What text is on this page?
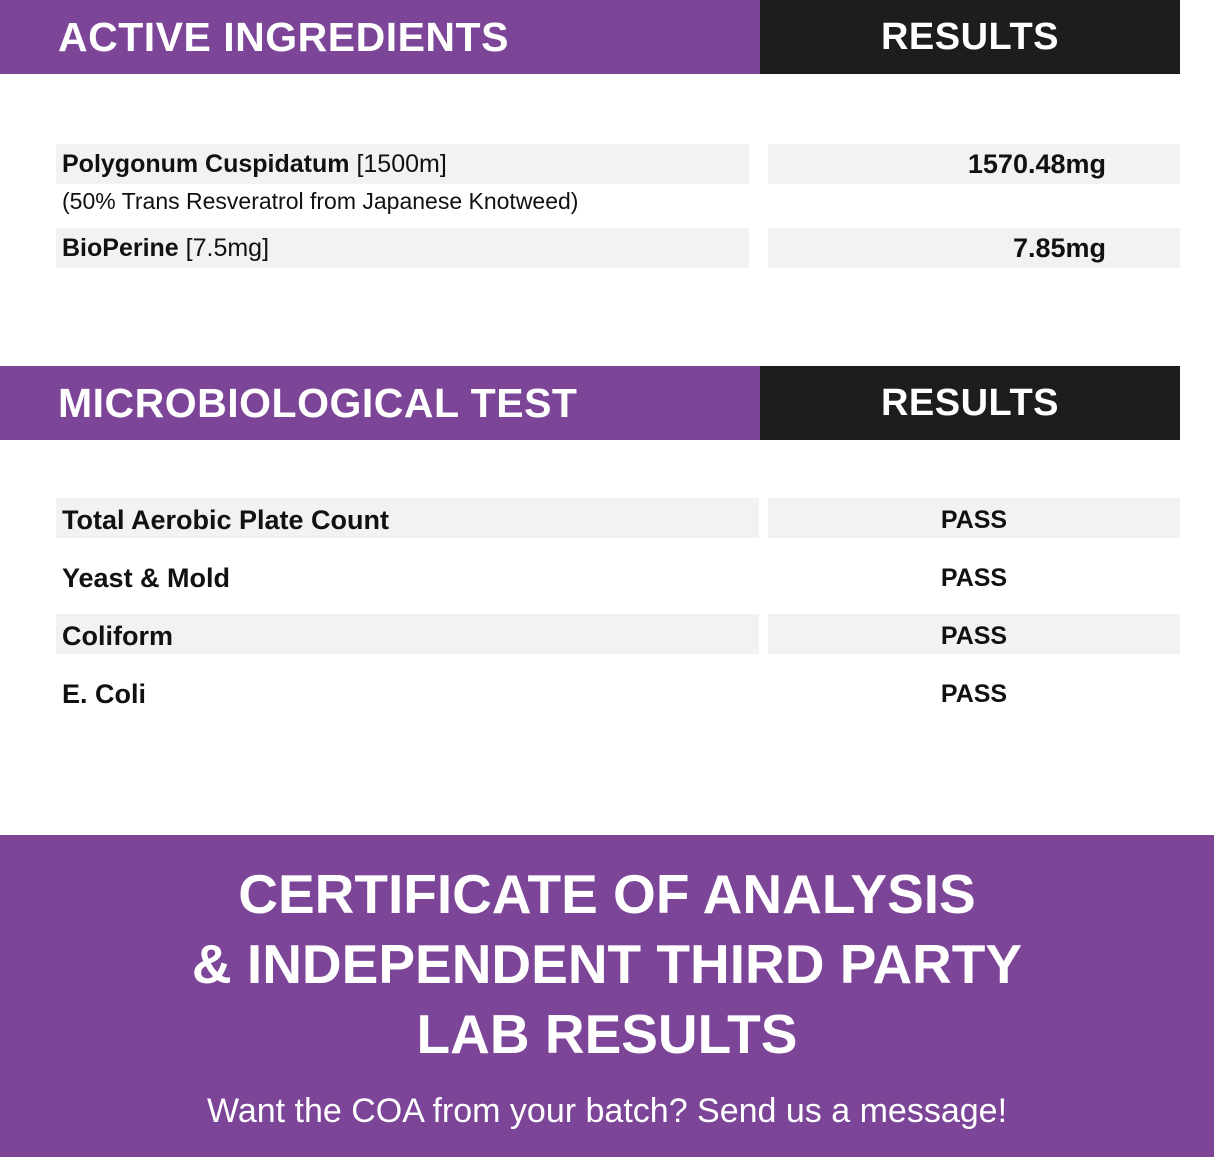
ACTIVE INGREDIENTS	RESULTS
Polygonum Cuspidatum [1500m]	1570.48mg
(50% Trans Resveratrol from Japanese Knotweed)
BioPerine [7.5mg]	7.85mg
MICROBIOLOGICAL TEST	RESULTS
Total Aerobic Plate Count	PASS
Yeast & Mold	PASS
Coliform	PASS
E. Coli	PASS
CERTIFICATE OF ANALYSIS
& INDEPENDENT THIRD PARTY
LAB RESULTS
Want the COA from your batch? Send us a message!
